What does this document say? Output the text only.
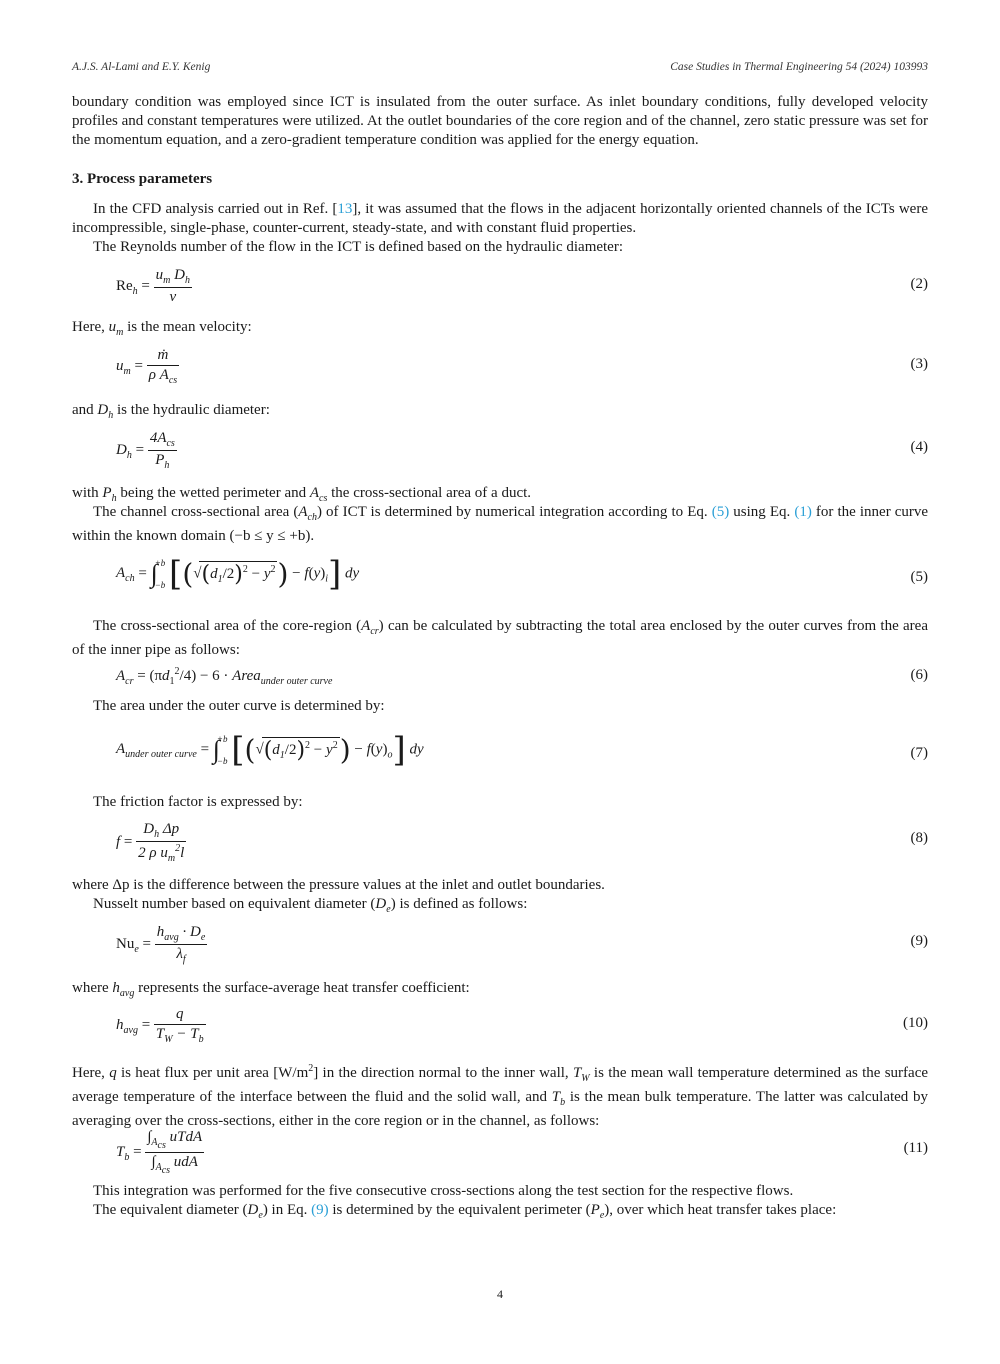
A.J.S. Al-Lami and E.Y. Kenig	Case Studies in Thermal Engineering 54 (2024) 103993
boundary condition was employed since ICT is insulated from the outer surface. As inlet boundary conditions, fully developed velocity profiles and constant temperatures were utilized. At the outlet boundaries of the core region and of the channel, zero static pressure was set for the momentum equation, and a zero-gradient temperature condition was applied for the energy equation.
3. Process parameters
In the CFD analysis carried out in Ref. [13], it was assumed that the flows in the adjacent horizontally oriented channels of the ICTs were incompressible, single-phase, counter-current, steady-state, and with constant fluid properties.
The Reynolds number of the flow in the ICT is defined based on the hydraulic diameter:
$Re_h = \frac{u_m D_h}{\nu}$	(2)
Here, $u_m$ is the mean velocity:
$u_m = \frac{\text{ṁ}}{\rho A_{cs}}$	(3)
and $D_h$ is the hydraulic diameter:
$D_h = \frac{4A_{cs}}{P_h}$	(4)
with $P_h$ being the wetted perimeter and $A_{cs}$ the cross-sectional area of a duct.
The channel cross-sectional area $(A_{ch})$ of ICT is determined by numerical integration according to Eq. (5) using Eq. (1) for the inner curve within the known domain (−b ≤ y ≤ +b).
$A_{ch}$ = ∫
+b
−b $[(√(d_1/2)^2 - y^2) - f(y)_i]$ dy	(5)
The cross-sectional area of the core-region $(A_{cr})$ can be calculated by subtracting the total area enclosed by the outer curves from the area of the inner pipe as follows:
$A_{cr} = (\pi d_1^2/4) - 6$ · Area$_{under outer curve}$	(6)
The area under the outer curve is determined by:
$A_{under outer curve}$ = ∫
+b
−b $[(√(d_1/2)^2 - y^2) - f(y)_o]$ dy	(7)
The friction factor is expressed by:
$f = \frac{D_h \Delta p}{2 \rho u_m^2l}$	(8)
where Δp is the difference between the pressure values at the inlet and outlet boundaries.
Nusselt number based on equivalent diameter $(D_e)$ is defined as follows:
$Nu_e = \frac{h_{avg} \cdot D_e}{\lambda_f}$	(9)
where $h_{avg}$ represents the surface-average heat transfer coefficient:
$h_{avg} = \frac{q}{T_W - T_b}$	(10)
Here, q is heat flux per unit area $[W/m^2]$ in the direction normal to the inner wall, $T_W$ is the mean wall temperature determined as the surface average temperature of the interface between the fluid and the solid wall, and $T_b$ is the mean bulk temperature. The latter was calculated by averaging over the cross-sections, either in the core region or in the channel, as follows:
$T_b = \frac{\int_{A_{cs}} uTdA}{\int_{A_{cs}} udA}$	(11)
This integration was performed for the five consecutive cross-sections along the test section for the respective flows.
The equivalent diameter $(D_e)$ in Eq. (9) is determined by the equivalent perimeter $(P_e)$, over which heat transfer takes place:
4
